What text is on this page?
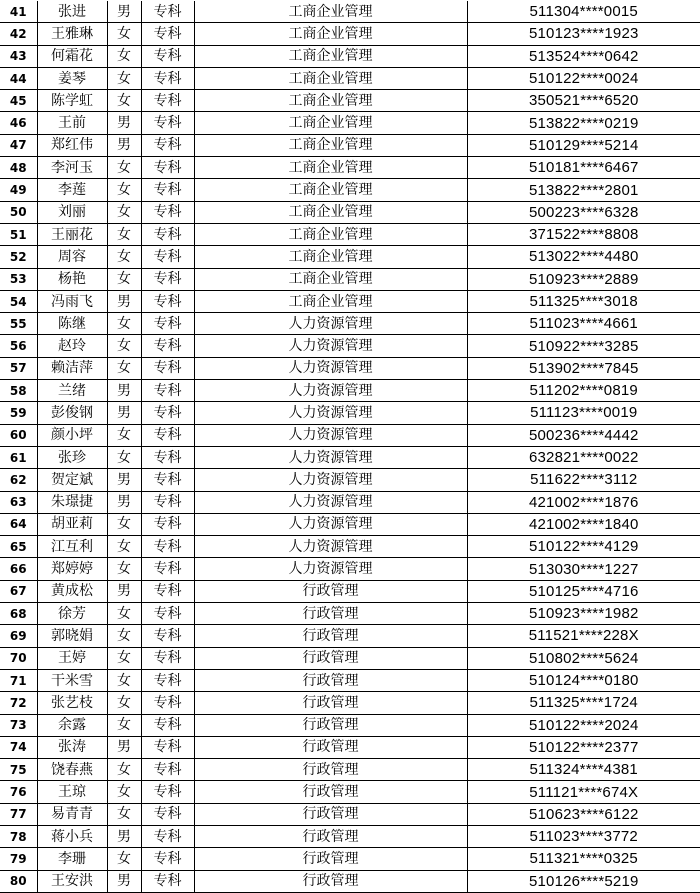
41	张进	男	专科	工商企业管理	511304****0015
42	王雅琳	女	专科	工商企业管理	510123****1923
43	何霜花	女	专科	工商企业管理	513524****0642
44	姜琴	女	专科	工商企业管理	510122****0024
45	陈学虹	女	专科	工商企业管理	350521****6520
46	王前	男	专科	工商企业管理	513822****0219
47	郑红伟	男	专科	工商企业管理	510129****5214
48	李河玉	女	专科	工商企业管理	510181****6467
49	李莲	女	专科	工商企业管理	513822****2801
50	刘丽	女	专科	工商企业管理	500223****6328
51	王丽花	女	专科	工商企业管理	371522****8808
52	周容	女	专科	工商企业管理	513022****4480
53	杨艳	女	专科	工商企业管理	510923****2889
54	冯雨飞	男	专科	工商企业管理	511325****3018
55	陈继	女	专科	人力资源管理	511023****4661
56	赵玲	女	专科	人力资源管理	510922****3285
57	赖洁萍	女	专科	人力资源管理	513902****7845
58	兰绪	男	专科	人力资源管理	511202****0819
59	彭俊钢	男	专科	人力资源管理	511123****0019
60	颜小坪	女	专科	人力资源管理	500236****4442
61	张珍	女	专科	人力资源管理	632821****0022
62	贺定斌	男	专科	人力资源管理	511622****3112
63	朱璟捷	男	专科	人力资源管理	421002****1876
64	胡亚莉	女	专科	人力资源管理	421002****1840
65	江互利	女	专科	人力资源管理	510122****4129
66	郑婷婷	女	专科	人力资源管理	513030****1227
67	黄成松	男	专科	行政管理	510125****4716
68	徐芳	女	专科	行政管理	510923****1982
69	郭晓娟	女	专科	行政管理	511521****228X
70	王婷	女	专科	行政管理	510802****5624
71	干米雪	女	专科	行政管理	510124****0180
72	张艺枝	女	专科	行政管理	511325****1724
73	余露	女	专科	行政管理	510122****2024
74	张涛	男	专科	行政管理	510122****2377
75	饶春燕	女	专科	行政管理	511324****4381
76	王琼	女	专科	行政管理	511121****674X
77	易青青	女	专科	行政管理	510623****6122
78	蒋小兵	男	专科	行政管理	511023****3772
79	李珊	女	专科	行政管理	511321****0325
80	王安洪	男	专科	行政管理	510126****5219
